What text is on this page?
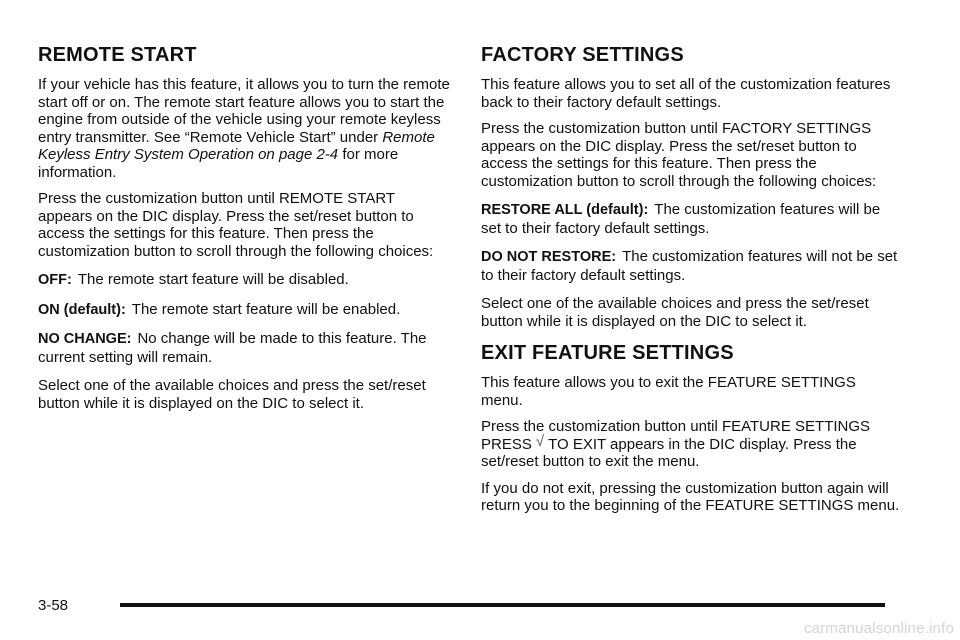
REMOTE START

If your vehicle has this feature, it allows you to turn the remote start off or on. The remote start feature allows you to start the engine from outside of the vehicle using your remote keyless entry transmitter. See “Remote Vehicle Start” under Remote Keyless Entry System Operation on page 2-4 for more information.

Press the customization button until REMOTE START appears on the DIC display. Press the set/reset button to access the settings for this feature. Then press the customization button to scroll through the following choices:

OFF: The remote start feature will be disabled.

ON (default): The remote start feature will be enabled.

NO CHANGE: No change will be made to this feature. The current setting will remain.

Select one of the available choices and press the set/reset button while it is displayed on the DIC to select it.

FACTORY SETTINGS

This feature allows you to set all of the customization features back to their factory default settings.

Press the customization button until FACTORY SETTINGS appears on the DIC display. Press the set/reset button to access the settings for this feature. Then press the customization button to scroll through the following choices:

RESTORE ALL (default): The customization features will be set to their factory default settings.

DO NOT RESTORE: The customization features will not be set to their factory default settings.

Select one of the available choices and press the set/reset button while it is displayed on the DIC to select it.

EXIT FEATURE SETTINGS

This feature allows you to exit the FEATURE SETTINGS menu.

Press the customization button until FEATURE SETTINGS PRESS √ TO EXIT appears in the DIC display. Press the set/reset button to exit the menu.

If you do not exit, pressing the customization button again will return you to the beginning of the FEATURE SETTINGS menu.

3-58
carmanualsonline.info
